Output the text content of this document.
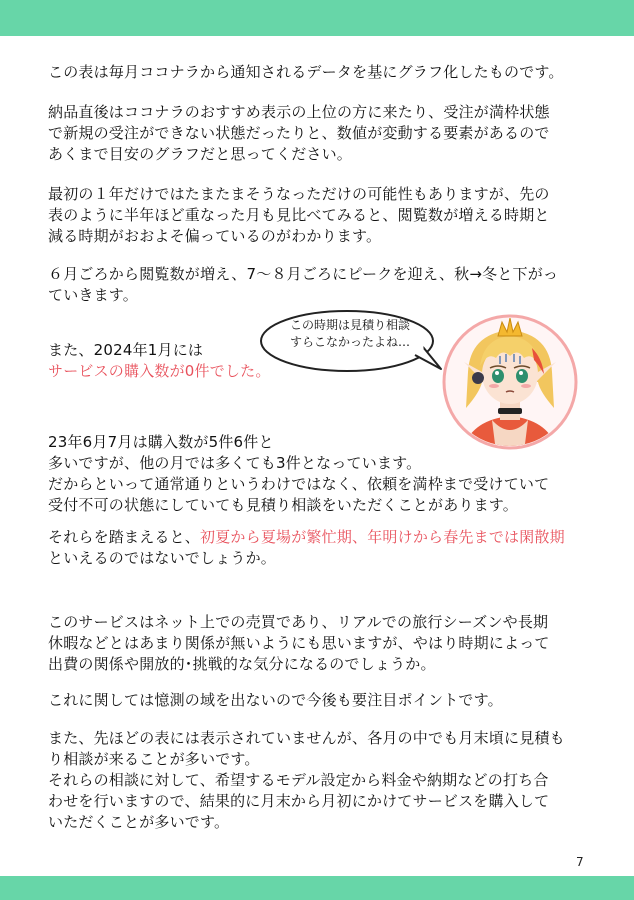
この表は毎月ココナラから通知されるデータを基にグラフ化したものです。

納品直後はココナラのおすすめ表示の上位の方に来たり、受注が満枠状態

で新規の受注ができない状態だったりと、数値が変動する要素があるので

あくまで目安のグラフだと思ってください。

最初の１年だけではたまたまそうなっただけの可能性もありますが、先の

表のように半年ほど重なった月も見比べてみると、閲覧数が増える時期と

減る時期がおおよそ偏っているのがわかります。

６月ごろから閲覧数が増え、7〜８月ごろにピークを迎え、秋→冬と下がっ

ていきます。

また、2024年1月には

サービスの購入数が0件でした。

この時期は見積り相談
すらこなかったよね…

23年6月7月は購入数が5件6件と

多いですが、他の月では多くても3件となっています。

だからといって通常通りというわけではなく、依頼を満枠まで受けていて

受付不可の状態にしていても見積り相談をいただくことがあります。

それらを踏まえると、初夏から夏場が繁忙期、年明けから春先までは閑散期

といえるのではないでしょうか。

このサービスはネット上での売買であり、リアルでの旅行シーズンや長期

休暇などとはあまり関係が無いようにも思いますが、やはり時期によって

出費の関係や開放的･挑戦的な気分になるのでしょうか。

これに関しては憶測の域を出ないので今後も要注目ポイントです。

また、先ほどの表には表示されていませんが、各月の中でも月末頃に見積も

り相談が来ることが多いです。

それらの相談に対して、希望するモデル設定から料金や納期などの打ち合

わせを行いますので、結果的に月末から月初にかけてサービスを購入して

いただくことが多いです。

7
